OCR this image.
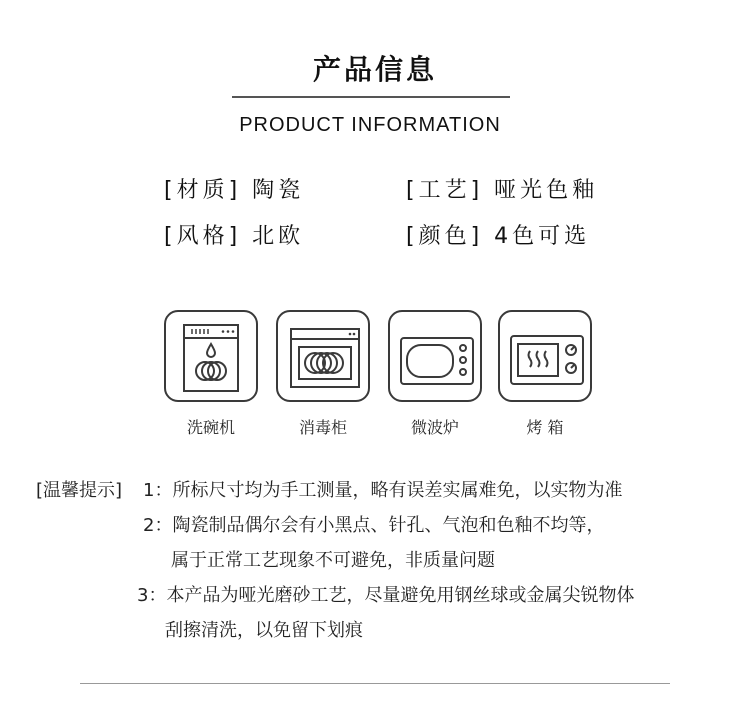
产品信息
PRODUCT INFORMATION
[材质] 陶瓷	[工艺] 哑光色釉
[风格] 北欧	[颜色] 4色可选
洗碗机	消毒柜	微波炉	烤 箱
[温馨提示] 1：所标尺寸均为手工测量，略有误差实属难免，以实物为准
2：陶瓷制品偶尔会有小黑点、针孔、气泡和色釉不均等，
属于正常工艺现象不可避免，非质量问题
3：本产品为哑光磨砂工艺，尽量避免用钢丝球或金属尖锐物体
刮擦清洗，以免留下划痕
